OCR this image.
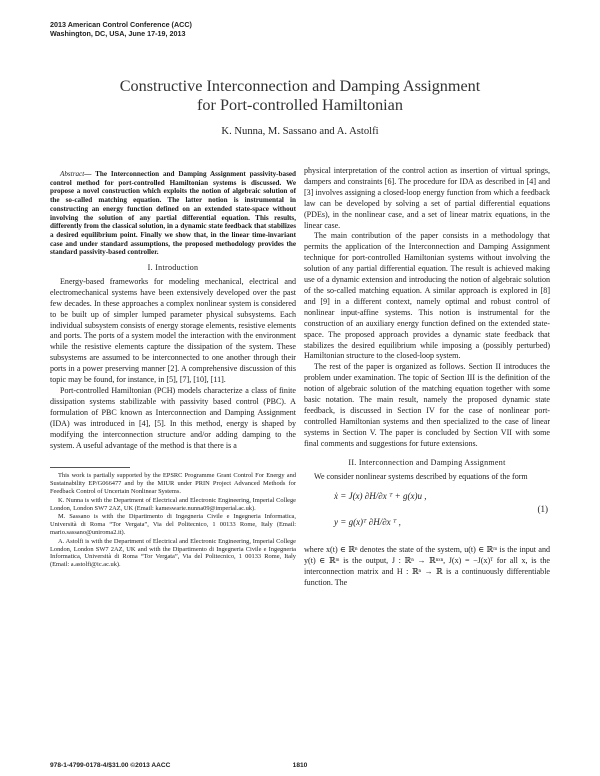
2013 American Control Conference (ACC)
Washington, DC, USA, June 17-19, 2013
Constructive Interconnection and Damping Assignment
for Port-controlled Hamiltonian
K. Nunna, M. Sassano and A. Astolfi

Abstract— The Interconnection and Damping Assignment passivity-based control method for port-controlled Hamiltonian systems is discussed. We propose a novel construction which exploits the notion of algebraic solution of the so-called matching equation. The latter notion is instrumental in constructing an energy function defined on an extended state-space without involving the solution of any partial differential equation. This results, differently from the classical solution, in a dynamic state feedback that stabilizes a desired equilibrium point. Finally we show that, in the linear time-invariant case and under standard assumptions, the proposed methodology provides the standard passivity-based controller.

I. Introduction

Energy-based frameworks for modeling mechanical, electrical and electromechanical systems have been extensively developed over the past few decades. In these approaches a complex nonlinear system is considered to be built up of simpler lumped parameter physical subsystems. Each individual subsystem consists of energy storage elements, resistive elements and ports. The ports of a system model the interaction with the environment while the resistive elements capture the dissipation of the system. These subsystems are assumed to be interconnected to one another through their ports in a power preserving manner [2]. A comprehensive discussion of this topic may be found, for instance, in [5], [7], [10], [11].

Port-controlled Hamiltonian (PCH) models characterize a class of finite dissipation systems stabilizable with passivity based control (PBC). A formulation of PBC known as Interconnection and Damping Assignment (IDA) was introduced in [4], [5]. In this method, energy is shaped by modifying the interconnection structure and/or adding damping to the system. A useful advantage of the method is that there is a

This work is partially supported by the EPSRC Programme Grant Control For Energy and Sustainability EP/G066477 and by the MIUR under PRIN Project Advanced Methods for Feedback Control of Uncertain Nonlinear Systems.

K. Nunna is with the Department of Electrical and Electronic Engineering, Imperial College London, London SW7 2AZ, UK (Email: kameswarie.nunna09@imperial.ac.uk).

M. Sassano is with the Dipartimento di Ingegneria Civile e Ingegneria Informatica, Università di Roma “Tor Vergata”, Via del Politecnico, 1 00133 Rome, Italy (Email: mario.sassano@uniroma2.it).

A. Astolfi is with the Department of Electrical and Electronic Engineering, Imperial College London, London SW7 2AZ, UK and with the Dipartimento di Ingegneria Civile e Ingegneria Informatica, Università di Roma “Tor Vergata”, Via del Politecnico, 1 00133 Rome, Italy (Email: a.astolfi@ic.ac.uk).

physical interpretation of the control action as insertion of virtual springs, dampers and constraints [6]. The procedure for IDA as described in [4] and [3] involves assigning a closed-loop energy function from which a feedback law can be developed by solving a set of partial differential equations (PDEs), in the nonlinear case, and a set of linear matrix equations, in the linear case.

The main contribution of the paper consists in a methodology that permits the application of the Interconnection and Damping Assignment technique for port-controlled Hamiltonian systems without involving the solution of any partial differential equation. The result is achieved making use of a dynamic extension and introducing the notion of algebraic solution of the so-called matching equation. A similar approach is explored in [8] and [9] in a different context, namely optimal and robust control of nonlinear input-affine systems. This notion is instrumental for the construction of an auxiliary energy function defined on the extended state-space. The proposed approach provides a dynamic state feedback that stabilizes the desired equilibrium while imposing a (possibly perturbed) Hamiltonian structure to the closed-loop system.

The rest of the paper is organized as follows. Section II introduces the problem under examination. The topic of Section III is the definition of the notion of algebraic solution of the matching equation together with some basic notation. The main result, namely the proposed dynamic state feedback, is discussed in Section IV for the case of nonlinear port-controlled Hamiltonian systems and then specialized to the case of linear systems in Section V. The paper is concluded by Section VII with some final comments and suggestions for future extensions.

II. Interconnection and Damping Assignment

We consider nonlinear systems described by equations of the form

ẋ = J(x) ∂H/∂x ᵀ + g(x)u ,
y = g(x)ᵀ ∂H/∂x ᵀ ,
(1)

where x(t) ∈ ℝⁿ denotes the state of the system, u(t) ∈ ℝᵐ is the input and y(t) ∈ ℝᵐ is the output, J : ℝⁿ → ℝⁿˣⁿ, J(x) = −J(x)ᵀ for all x, is the interconnection matrix and H : ℝⁿ → ℝ is a continuously differentiable function. The

978-1-4799-0178-4/$31.00 ©2013 AACC	1810
